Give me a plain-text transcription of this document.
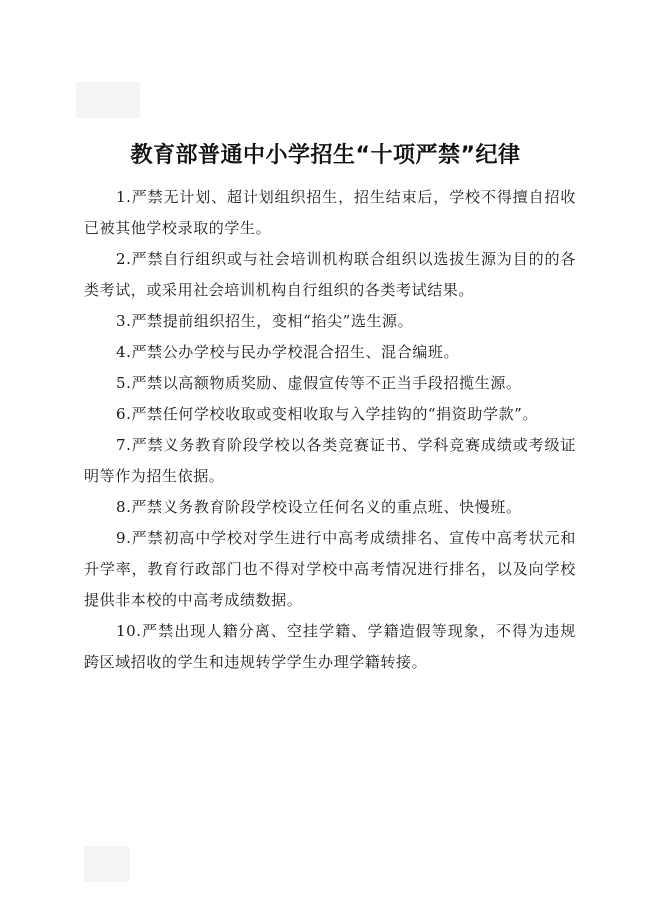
教育部普通中小学招生“十项严禁”纪律
1.严禁无计划、超计划组织招生，招生结束后，学校不得擅自招收已被其他学校录取的学生。
2.严禁自行组织或与社会培训机构联合组织以选拔生源为目的的各类考试，或采用社会培训机构自行组织的各类考试结果。
3.严禁提前组织招生，变相“掐尖”选生源。
4.严禁公办学校与民办学校混合招生、混合编班。
5.严禁以高额物质奖励、虚假宣传等不正当手段招揽生源。
6.严禁任何学校收取或变相收取与入学挂钩的“捐资助学款”。
7.严禁义务教育阶段学校以各类竞赛证书、学科竞赛成绩或考级证明等作为招生依据。
8.严禁义务教育阶段学校设立任何名义的重点班、快慢班。
9.严禁初高中学校对学生进行中高考成绩排名、宣传中高考状元和升学率，教育行政部门也不得对学校中高考情况进行排名，以及向学校提供非本校的中高考成绩数据。
10.严禁出现人籍分离、空挂学籍、学籍造假等现象，不得为违规跨区域招收的学生和违规转学学生办理学籍转接。
